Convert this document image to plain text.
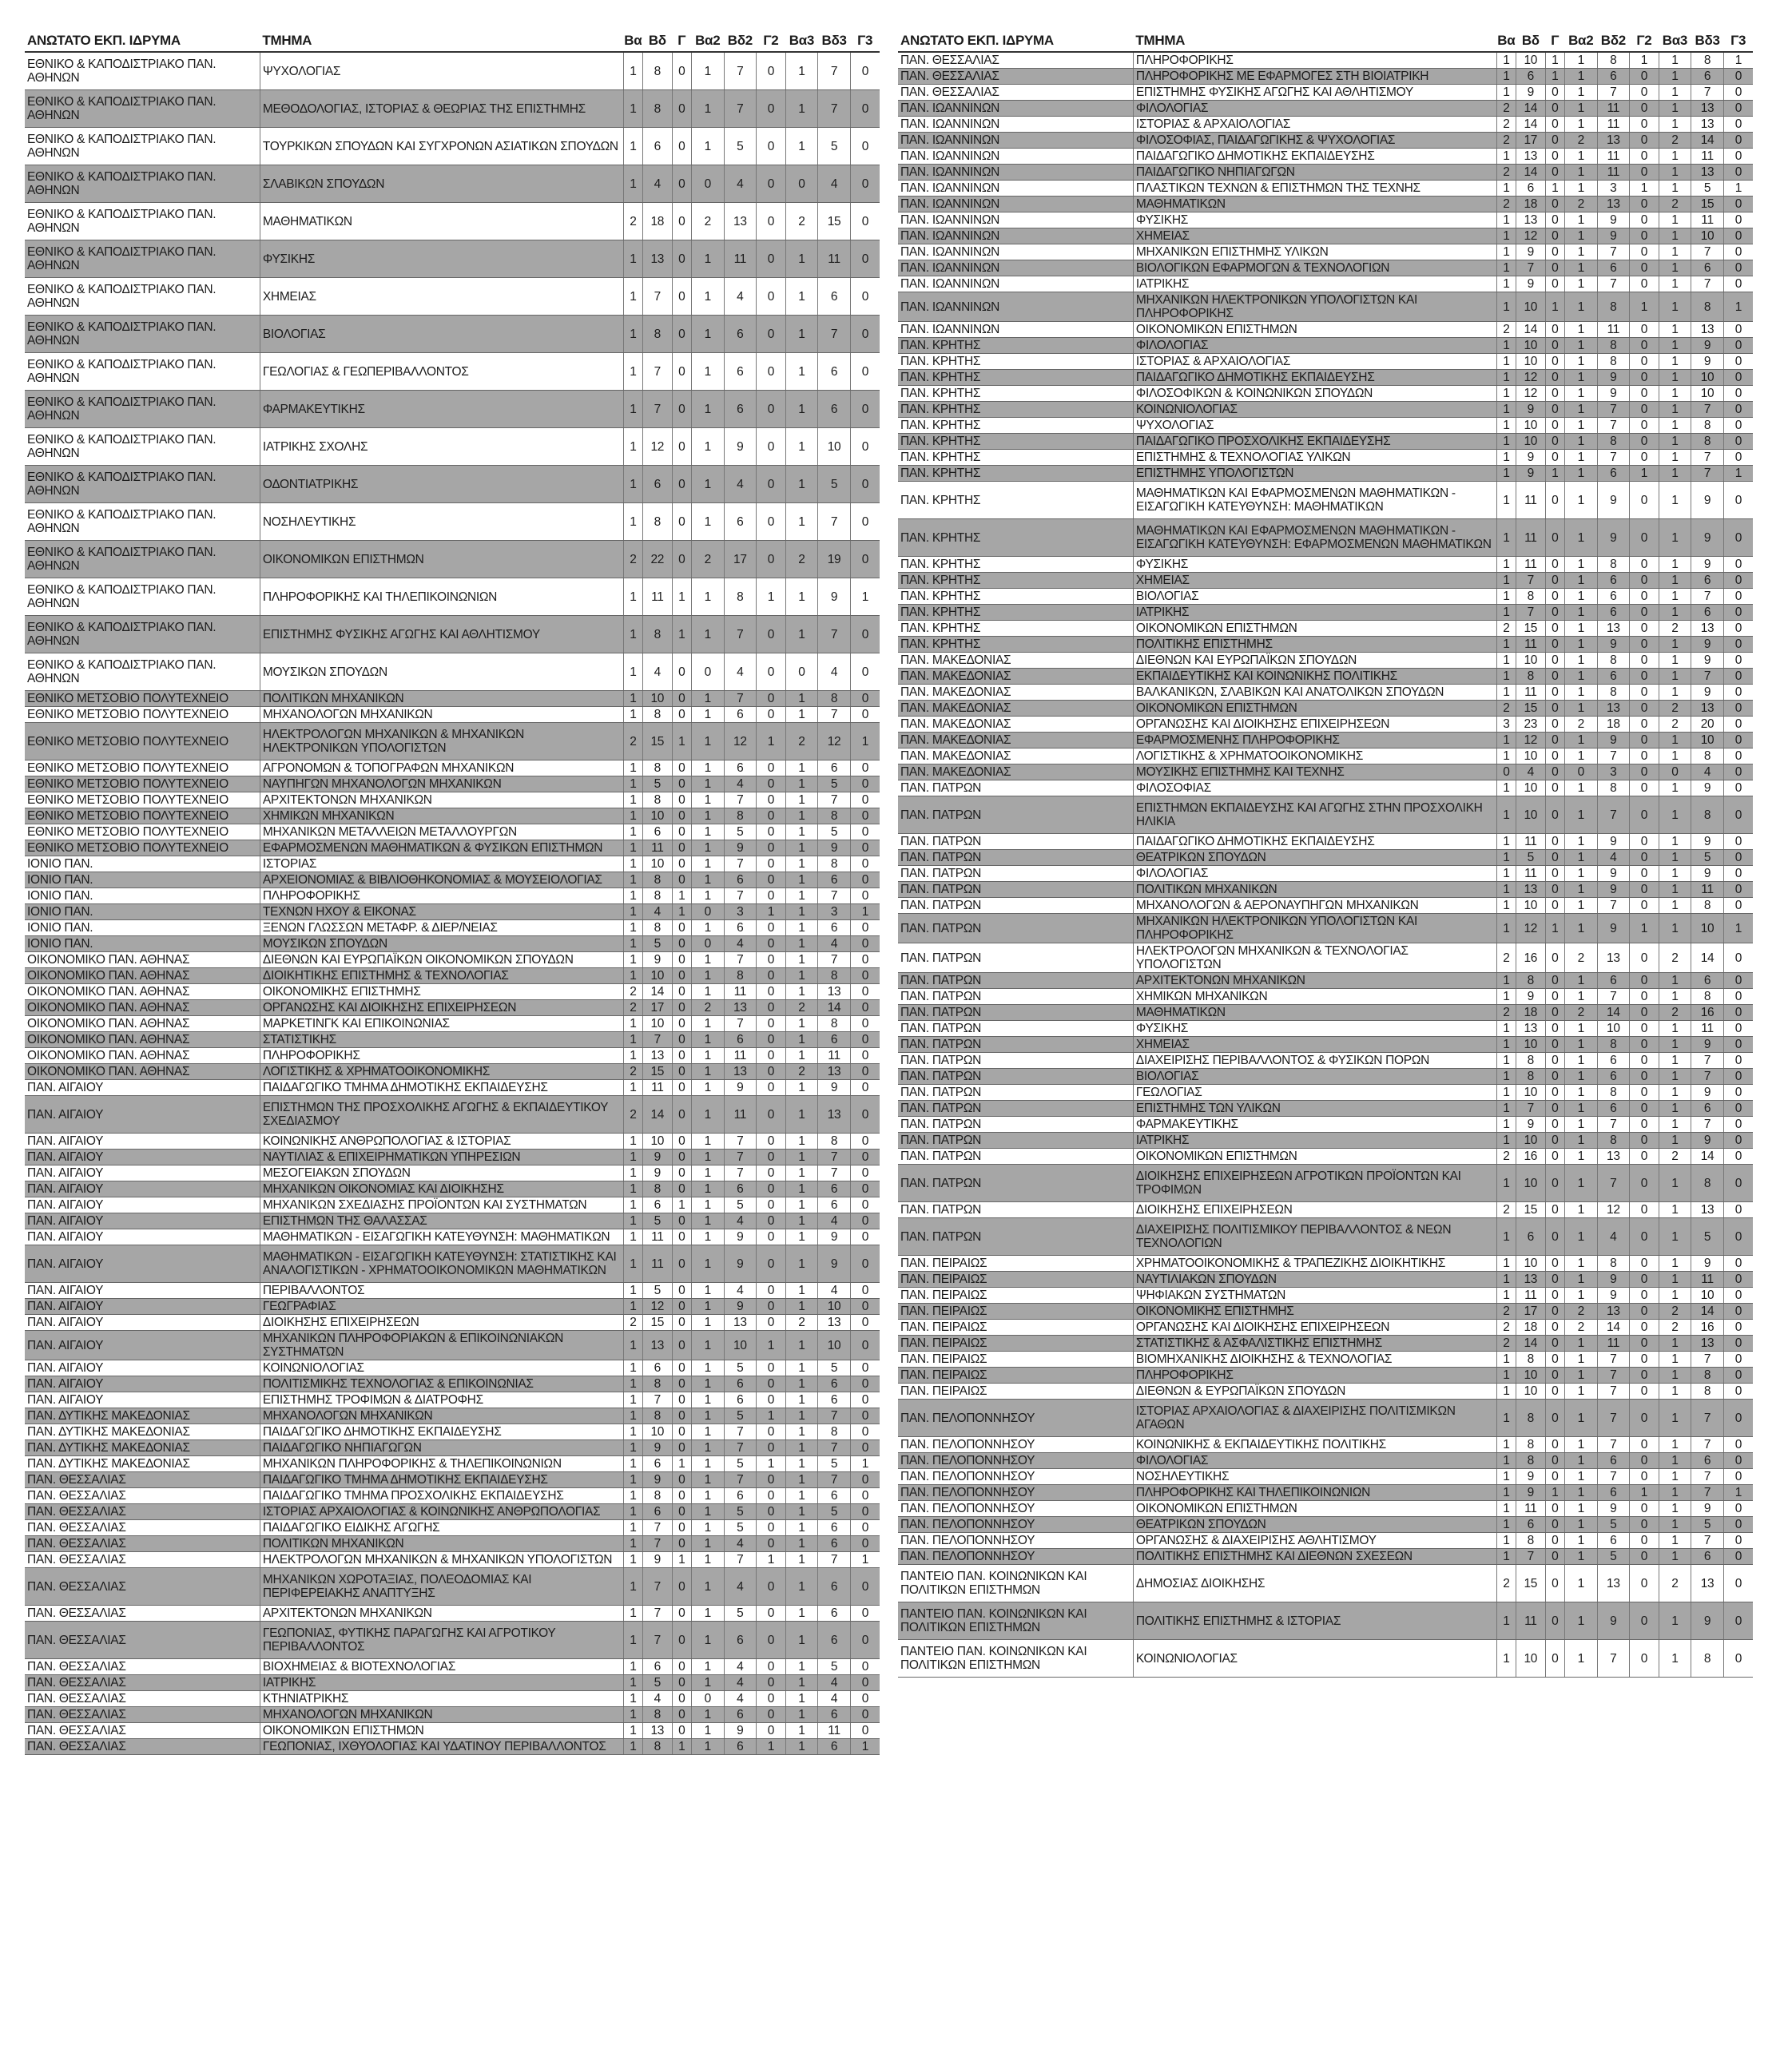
ΑΝΩΤΑΤΟ ΕΚΠ. ΙΔΡΥΜΑ	ΤΜΗΜΑ	Βα	Βδ	Γ	Βα2	Βδ2	Γ2	Βα3	Βδ3	Γ3
ΕΘΝΙΚΟ & ΚΑΠΟΔΙΣΤΡΙΑΚΟ ΠΑΝ. ΑΘΗΝΩΝ	ΨΥΧΟΛΟΓΙΑΣ	1	8	0	1	7	0	1	7	0
ΕΘΝΙΚΟ & ΚΑΠΟΔΙΣΤΡΙΑΚΟ ΠΑΝ. ΑΘΗΝΩΝ	ΜΕΘΟΔΟΛΟΓΙΑΣ, ΙΣΤΟΡΙΑΣ & ΘΕΩΡΙΑΣ ΤΗΣ ΕΠΙΣΤΗΜΗΣ	1	8	0	1	7	0	1	7	0
ΕΘΝΙΚΟ & ΚΑΠΟΔΙΣΤΡΙΑΚΟ ΠΑΝ. ΑΘΗΝΩΝ	ΤΟΥΡΚΙΚΩΝ ΣΠΟΥΔΩΝ ΚΑΙ ΣΥΓΧΡΟΝΩΝ ΑΣΙΑΤΙΚΩΝ ΣΠΟΥΔΩΝ	1	6	0	1	5	0	1	5	0
ΕΘΝΙΚΟ & ΚΑΠΟΔΙΣΤΡΙΑΚΟ ΠΑΝ. ΑΘΗΝΩΝ	ΣΛΑΒΙΚΩΝ ΣΠΟΥΔΩΝ	1	4	0	0	4	0	0	4	0
ΕΘΝΙΚΟ & ΚΑΠΟΔΙΣΤΡΙΑΚΟ ΠΑΝ. ΑΘΗΝΩΝ	ΜΑΘΗΜΑΤΙΚΩΝ	2	18	0	2	13	0	2	15	0
ΕΘΝΙΚΟ & ΚΑΠΟΔΙΣΤΡΙΑΚΟ ΠΑΝ. ΑΘΗΝΩΝ	ΦΥΣΙΚΗΣ	1	13	0	1	11	0	1	11	0
ΕΘΝΙΚΟ & ΚΑΠΟΔΙΣΤΡΙΑΚΟ ΠΑΝ. ΑΘΗΝΩΝ	ΧΗΜΕΙΑΣ	1	7	0	1	4	0	1	6	0
ΕΘΝΙΚΟ & ΚΑΠΟΔΙΣΤΡΙΑΚΟ ΠΑΝ. ΑΘΗΝΩΝ	ΒΙΟΛΟΓΙΑΣ	1	8	0	1	6	0	1	7	0
ΕΘΝΙΚΟ & ΚΑΠΟΔΙΣΤΡΙΑΚΟ ΠΑΝ. ΑΘΗΝΩΝ	ΓΕΩΛΟΓΙΑΣ & ΓΕΩΠΕΡΙΒΑΛΛΟΝΤΟΣ	1	7	0	1	6	0	1	6	0
ΕΘΝΙΚΟ & ΚΑΠΟΔΙΣΤΡΙΑΚΟ ΠΑΝ. ΑΘΗΝΩΝ	ΦΑΡΜΑΚΕΥΤΙΚΗΣ	1	7	0	1	6	0	1	6	0
ΕΘΝΙΚΟ & ΚΑΠΟΔΙΣΤΡΙΑΚΟ ΠΑΝ. ΑΘΗΝΩΝ	ΙΑΤΡΙΚΗΣ ΣΧΟΛΗΣ	1	12	0	1	9	0	1	10	0
ΕΘΝΙΚΟ & ΚΑΠΟΔΙΣΤΡΙΑΚΟ ΠΑΝ. ΑΘΗΝΩΝ	ΟΔΟΝΤΙΑΤΡΙΚΗΣ	1	6	0	1	4	0	1	5	0
ΕΘΝΙΚΟ & ΚΑΠΟΔΙΣΤΡΙΑΚΟ ΠΑΝ. ΑΘΗΝΩΝ	ΝΟΣΗΛΕΥΤΙΚΗΣ	1	8	0	1	6	0	1	7	0
ΕΘΝΙΚΟ & ΚΑΠΟΔΙΣΤΡΙΑΚΟ ΠΑΝ. ΑΘΗΝΩΝ	ΟΙΚΟΝΟΜΙΚΩΝ ΕΠΙΣΤΗΜΩΝ	2	22	0	2	17	0	2	19	0
ΕΘΝΙΚΟ & ΚΑΠΟΔΙΣΤΡΙΑΚΟ ΠΑΝ. ΑΘΗΝΩΝ	ΠΛΗΡΟΦΟΡΙΚΗΣ ΚΑΙ ΤΗΛΕΠΙΚΟΙΝΩΝΙΩΝ	1	11	1	1	8	1	1	9	1
ΕΘΝΙΚΟ & ΚΑΠΟΔΙΣΤΡΙΑΚΟ ΠΑΝ. ΑΘΗΝΩΝ	ΕΠΙΣΤΗΜΗΣ ΦΥΣΙΚΗΣ ΑΓΩΓΗΣ ΚΑΙ ΑΘΛΗΤΙΣΜΟΥ	1	8	1	1	7	0	1	7	0
ΕΘΝΙΚΟ & ΚΑΠΟΔΙΣΤΡΙΑΚΟ ΠΑΝ. ΑΘΗΝΩΝ	ΜΟΥΣΙΚΩΝ ΣΠΟΥΔΩΝ	1	4	0	0	4	0	0	4	0
ΕΘΝΙΚΟ ΜΕΤΣΟΒΙΟ ΠΟΛΥΤΕΧΝΕΙΟ	ΠΟΛΙΤΙΚΩΝ ΜΗΧΑΝΙΚΩΝ	1	10	0	1	7	0	1	8	0
ΕΘΝΙΚΟ ΜΕΤΣΟΒΙΟ ΠΟΛΥΤΕΧΝΕΙΟ	ΜΗΧΑΝΟΛΟΓΩΝ ΜΗΧΑΝΙΚΩΝ	1	8	0	1	6	0	1	7	0
ΕΘΝΙΚΟ ΜΕΤΣΟΒΙΟ ΠΟΛΥΤΕΧΝΕΙΟ	ΗΛΕΚΤΡΟΛΟΓΩΝ ΜΗΧΑΝΙΚΩΝ & ΜΗΧΑΝΙΚΩΝ ΗΛΕΚΤΡΟΝΙΚΩΝ ΥΠΟΛΟΓΙΣΤΩΝ	2	15	1	1	12	1	2	12	1
ΕΘΝΙΚΟ ΜΕΤΣΟΒΙΟ ΠΟΛΥΤΕΧΝΕΙΟ	ΑΓΡΟΝΟΜΩΝ & ΤΟΠΟΓΡΑΦΩΝ ΜΗΧΑΝΙΚΩΝ	1	8	0	1	6	0	1	6	0
ΕΘΝΙΚΟ ΜΕΤΣΟΒΙΟ ΠΟΛΥΤΕΧΝΕΙΟ	ΝΑΥΠΗΓΩΝ ΜΗΧΑΝΟΛΟΓΩΝ ΜΗΧΑΝΙΚΩΝ	1	5	0	1	4	0	1	5	0
ΕΘΝΙΚΟ ΜΕΤΣΟΒΙΟ ΠΟΛΥΤΕΧΝΕΙΟ	ΑΡΧΙΤΕΚΤΟΝΩΝ ΜΗΧΑΝΙΚΩΝ	1	8	0	1	7	0	1	7	0
ΕΘΝΙΚΟ ΜΕΤΣΟΒΙΟ ΠΟΛΥΤΕΧΝΕΙΟ	ΧΗΜΙΚΩΝ ΜΗΧΑΝΙΚΩΝ	1	10	0	1	8	0	1	8	0
ΕΘΝΙΚΟ ΜΕΤΣΟΒΙΟ ΠΟΛΥΤΕΧΝΕΙΟ	ΜΗΧΑΝΙΚΩΝ ΜΕΤΑΛΛΕΙΩΝ ΜΕΤΑΛΛΟΥΡΓΩΝ	1	6	0	1	5	0	1	5	0
ΕΘΝΙΚΟ ΜΕΤΣΟΒΙΟ ΠΟΛΥΤΕΧΝΕΙΟ	ΕΦΑΡΜΟΣΜΕΝΩΝ ΜΑΘΗΜΑΤΙΚΩΝ & ΦΥΣΙΚΩΝ ΕΠΙΣΤΗΜΩΝ	1	11	0	1	9	0	1	9	0
ΙΟΝΙΟ ΠΑΝ.	ΙΣΤΟΡΙΑΣ	1	10	0	1	7	0	1	8	0
ΙΟΝΙΟ ΠΑΝ.	ΑΡΧΕΙΟΝΟΜΙΑΣ & ΒΙΒΛΙΟΘΗΚΟΝΟΜΙΑΣ & ΜΟΥΣΕΙΟΛΟΓΙΑΣ	1	8	0	1	6	0	1	6	0
ΙΟΝΙΟ ΠΑΝ.	ΠΛΗΡΟΦΟΡΙΚΗΣ	1	8	1	1	7	0	1	7	0
ΙΟΝΙΟ ΠΑΝ.	ΤΕΧΝΩΝ ΗΧΟΥ & ΕΙΚΟΝΑΣ	1	4	1	0	3	1	1	3	1
ΙΟΝΙΟ ΠΑΝ.	ΞΕΝΩΝ ΓΛΩΣΣΩΝ ΜΕΤΑΦΡ. & ΔΙΕΡ/ΝΕΙΑΣ	1	8	0	1	6	0	1	6	0
ΙΟΝΙΟ ΠΑΝ.	ΜΟΥΣΙΚΩΝ ΣΠΟΥΔΩΝ	1	5	0	0	4	0	1	4	0
ΟΙΚΟΝΟΜΙΚΟ ΠΑΝ. ΑΘΗΝΑΣ	ΔΙΕΘΝΩΝ ΚΑΙ ΕΥΡΩΠΑΪΚΩΝ ΟΙΚΟΝΟΜΙΚΩΝ ΣΠΟΥΔΩΝ	1	9	0	1	7	0	1	7	0
ΟΙΚΟΝΟΜΙΚΟ ΠΑΝ. ΑΘΗΝΑΣ	ΔΙΟΙΚΗΤΙΚΗΣ ΕΠΙΣΤΗΜΗΣ & ΤΕΧΝΟΛΟΓΙΑΣ	1	10	0	1	8	0	1	8	0
ΟΙΚΟΝΟΜΙΚΟ ΠΑΝ. ΑΘΗΝΑΣ	ΟΙΚΟΝΟΜΙΚΗΣ ΕΠΙΣΤΗΜΗΣ	2	14	0	1	11	0	1	13	0
ΟΙΚΟΝΟΜΙΚΟ ΠΑΝ. ΑΘΗΝΑΣ	ΟΡΓΑΝΩΣΗΣ ΚΑΙ ΔΙΟΙΚΗΣΗΣ ΕΠΙΧΕΙΡΗΣΕΩΝ	2	17	0	2	13	0	2	14	0
ΟΙΚΟΝΟΜΙΚΟ ΠΑΝ. ΑΘΗΝΑΣ	ΜΑΡΚΕΤΙΝΓΚ ΚΑΙ ΕΠΙΚΟΙΝΩΝΙΑΣ	1	10	0	1	7	0	1	8	0
ΟΙΚΟΝΟΜΙΚΟ ΠΑΝ. ΑΘΗΝΑΣ	ΣΤΑΤΙΣΤΙΚΗΣ	1	7	0	1	6	0	1	6	0
ΟΙΚΟΝΟΜΙΚΟ ΠΑΝ. ΑΘΗΝΑΣ	ΠΛΗΡΟΦΟΡΙΚΗΣ	1	13	0	1	11	0	1	11	0
ΟΙΚΟΝΟΜΙΚΟ ΠΑΝ. ΑΘΗΝΑΣ	ΛΟΓΙΣΤΙΚΗΣ & ΧΡΗΜΑΤΟΟΙΚΟΝΟΜΙΚΗΣ	2	15	0	1	13	0	2	13	0
ΠΑΝ. ΑΙΓΑΙΟΥ	ΠΑΙΔΑΓΩΓΙΚΟ ΤΜΗΜΑ ΔΗΜΟΤΙΚΗΣ ΕΚΠΑΙΔΕΥΣΗΣ	1	11	0	1	9	0	1	9	0
ΠΑΝ. ΑΙΓΑΙΟΥ	ΕΠΙΣΤΗΜΩΝ ΤΗΣ ΠΡΟΣΧΟΛΙΚΗΣ ΑΓΩΓΗΣ & ΕΚΠΑΙΔΕΥΤΙΚΟΥ ΣΧΕΔΙΑΣΜΟΥ	2	14	0	1	11	0	1	13	0
ΠΑΝ. ΑΙΓΑΙΟΥ	ΚΟΙΝΩΝΙΚΗΣ ΑΝΘΡΩΠΟΛΟΓΙΑΣ & ΙΣΤΟΡΙΑΣ	1	10	0	1	7	0	1	8	0
ΠΑΝ. ΑΙΓΑΙΟΥ	ΝΑΥΤΙΛΙΑΣ & ΕΠΙΧΕΙΡΗΜΑΤΙΚΩΝ ΥΠΗΡΕΣΙΩΝ	1	9	0	1	7	0	1	7	0
ΠΑΝ. ΑΙΓΑΙΟΥ	ΜΕΣΟΓΕΙΑΚΩΝ ΣΠΟΥΔΩΝ	1	9	0	1	7	0	1	7	0
ΠΑΝ. ΑΙΓΑΙΟΥ	ΜΗΧΑΝΙΚΩΝ ΟΙΚΟΝΟΜΙΑΣ ΚΑΙ ΔΙΟΙΚΗΣΗΣ	1	8	0	1	6	0	1	6	0
ΠΑΝ. ΑΙΓΑΙΟΥ	ΜΗΧΑΝΙΚΩΝ ΣΧΕΔΙΑΣΗΣ ΠΡΟΪΟΝΤΩΝ ΚΑΙ ΣΥΣΤΗΜΑΤΩΝ	1	6	1	1	5	0	1	6	0
ΠΑΝ. ΑΙΓΑΙΟΥ	ΕΠΙΣΤΗΜΩΝ ΤΗΣ ΘΑΛΑΣΣΑΣ	1	5	0	1	4	0	1	4	0
ΠΑΝ. ΑΙΓΑΙΟΥ	ΜΑΘΗΜΑΤΙΚΩΝ - ΕΙΣΑΓΩΓΙΚΗ ΚΑΤΕΥΘΥΝΣΗ: ΜΑΘΗΜΑΤΙΚΩΝ	1	11	0	1	9	0	1	9	0
ΠΑΝ. ΑΙΓΑΙΟΥ	ΜΑΘΗΜΑΤΙΚΩΝ - ΕΙΣΑΓΩΓΙΚΗ ΚΑΤΕΥΘΥΝΣΗ: ΣΤΑΤΙΣΤΙΚΗΣ ΚΑΙ ΑΝΑΛΟΓΙΣΤΙΚΩΝ - ΧΡΗΜΑΤΟΟΙΚΟΝΟΜΙΚΩΝ ΜΑΘΗΜΑΤΙΚΩΝ	1	11	0	1	9	0	1	9	0
ΠΑΝ. ΑΙΓΑΙΟΥ	ΠΕΡΙΒΑΛΛΟΝΤΟΣ	1	5	0	1	4	0	1	4	0
ΠΑΝ. ΑΙΓΑΙΟΥ	ΓΕΩΓΡΑΦΙΑΣ	1	12	0	1	9	0	1	10	0
ΠΑΝ. ΑΙΓΑΙΟΥ	ΔΙΟΙΚΗΣΗΣ ΕΠΙΧΕΙΡΗΣΕΩΝ	2	15	0	1	13	0	2	13	0
ΠΑΝ. ΑΙΓΑΙΟΥ	ΜΗΧΑΝΙΚΩΝ ΠΛΗΡΟΦΟΡΙΑΚΩΝ & ΕΠΙΚΟΙΝΩΝΙΑΚΩΝ ΣΥΣΤΗΜΑΤΩΝ	1	13	0	1	10	1	1	10	0
ΠΑΝ. ΑΙΓΑΙΟΥ	ΚΟΙΝΩΝΙΟΛΟΓΙΑΣ	1	6	0	1	5	0	1	5	0
ΠΑΝ. ΑΙΓΑΙΟΥ	ΠΟΛΙΤΙΣΜΙΚΗΣ ΤΕΧΝΟΛΟΓΙΑΣ & ΕΠΙΚΟΙΝΩΝΙΑΣ	1	8	0	1	6	0	1	6	0
ΠΑΝ. ΑΙΓΑΙΟΥ	ΕΠΙΣΤΗΜΗΣ ΤΡΟΦΙΜΩΝ & ΔΙΑΤΡΟΦΗΣ	1	7	0	1	6	0	1	6	0
ΠΑΝ. ΔΥΤΙΚΗΣ ΜΑΚΕΔΟΝΙΑΣ	ΜΗΧΑΝΟΛΟΓΩΝ ΜΗΧΑΝΙΚΩΝ	1	8	0	1	5	1	1	7	0
ΠΑΝ. ΔΥΤΙΚΗΣ ΜΑΚΕΔΟΝΙΑΣ	ΠΑΙΔΑΓΩΓΙΚΟ ΔΗΜΟΤΙΚΗΣ ΕΚΠΑΙΔΕΥΣΗΣ	1	10	0	1	7	0	1	8	0
ΠΑΝ. ΔΥΤΙΚΗΣ ΜΑΚΕΔΟΝΙΑΣ	ΠΑΙΔΑΓΩΓΙΚΟ ΝΗΠΙΑΓΩΓΩΝ	1	9	0	1	7	0	1	7	0
ΠΑΝ. ΔΥΤΙΚΗΣ ΜΑΚΕΔΟΝΙΑΣ	ΜΗΧΑΝΙΚΩΝ ΠΛΗΡΟΦΟΡΙΚΗΣ & ΤΗΛΕΠΙΚΟΙΝΩΝΙΩΝ	1	6	1	1	5	1	1	5	1
ΠΑΝ. ΘΕΣΣΑΛΙΑΣ	ΠΑΙΔΑΓΩΓΙΚΟ ΤΜΗΜΑ ΔΗΜΟΤΙΚΗΣ ΕΚΠΑΙΔΕΥΣΗΣ	1	9	0	1	7	0	1	7	0
ΠΑΝ. ΘΕΣΣΑΛΙΑΣ	ΠΑΙΔΑΓΩΓΙΚΟ ΤΜΗΜΑ ΠΡΟΣΧΟΛΙΚΗΣ ΕΚΠΑΙΔΕΥΣΗΣ	1	8	0	1	6	0	1	6	0
ΠΑΝ. ΘΕΣΣΑΛΙΑΣ	ΙΣΤΟΡΙΑΣ ΑΡΧΑΙΟΛΟΓΙΑΣ & ΚΟΙΝΩΝΙΚΗΣ ΑΝΘΡΩΠΟΛΟΓΙΑΣ	1	6	0	1	5	0	1	5	0
ΠΑΝ. ΘΕΣΣΑΛΙΑΣ	ΠΑΙΔΑΓΩΓΙΚΟ ΕΙΔΙΚΗΣ ΑΓΩΓΗΣ	1	7	0	1	5	0	1	6	0
ΠΑΝ. ΘΕΣΣΑΛΙΑΣ	ΠΟΛΙΤΙΚΩΝ ΜΗΧΑΝΙΚΩΝ	1	7	0	1	4	0	1	6	0
ΠΑΝ. ΘΕΣΣΑΛΙΑΣ	ΗΛΕΚΤΡΟΛΟΓΩΝ ΜΗΧΑΝΙΚΩΝ & ΜΗΧΑΝΙΚΩΝ ΥΠΟΛΟΓΙΣΤΩΝ	1	9	1	1	7	1	1	7	1
ΠΑΝ. ΘΕΣΣΑΛΙΑΣ	ΜΗΧΑΝΙΚΩΝ ΧΩΡΟΤΑΞΙΑΣ, ΠΟΛΕΟΔΟΜΙΑΣ ΚΑΙ ΠΕΡΙΦΕΡΕΙΑΚΗΣ ΑΝΑΠΤΥΞΗΣ	1	7	0	1	4	0	1	6	0
ΠΑΝ. ΘΕΣΣΑΛΙΑΣ	ΑΡΧΙΤΕΚΤΟΝΩΝ ΜΗΧΑΝΙΚΩΝ	1	7	0	1	5	0	1	6	0
ΠΑΝ. ΘΕΣΣΑΛΙΑΣ	ΓΕΩΠΟΝΙΑΣ, ΦΥΤΙΚΗΣ ΠΑΡΑΓΩΓΗΣ ΚΑΙ ΑΓΡΟΤΙΚΟΥ ΠΕΡΙΒΑΛΛΟΝΤΟΣ	1	7	0	1	6	0	1	6	0
ΠΑΝ. ΘΕΣΣΑΛΙΑΣ	ΒΙΟΧΗΜΕΙΑΣ & ΒΙΟΤΕΧΝΟΛΟΓΙΑΣ	1	6	0	1	4	0	1	5	0
ΠΑΝ. ΘΕΣΣΑΛΙΑΣ	ΙΑΤΡΙΚΗΣ	1	5	0	1	4	0	1	4	0
ΠΑΝ. ΘΕΣΣΑΛΙΑΣ	ΚΤΗΝΙΑΤΡΙΚΗΣ	1	4	0	0	4	0	1	4	0
ΠΑΝ. ΘΕΣΣΑΛΙΑΣ	ΜΗΧΑΝΟΛΟΓΩΝ ΜΗΧΑΝΙΚΩΝ	1	8	0	1	6	0	1	6	0
ΠΑΝ. ΘΕΣΣΑΛΙΑΣ	ΟΙΚΟΝΟΜΙΚΩΝ ΕΠΙΣΤΗΜΩΝ	1	13	0	1	9	0	1	11	0
ΠΑΝ. ΘΕΣΣΑΛΙΑΣ	ΓΕΩΠΟΝΙΑΣ, ΙΧΘΥΟΛΟΓΙΑΣ ΚΑΙ ΥΔΑΤΙΝΟΥ ΠΕΡΙΒΑΛΛΟΝΤΟΣ	1	8	1	1	6	1	1	6	1
ΑΝΩΤΑΤΟ ΕΚΠ. ΙΔΡΥΜΑ	ΤΜΗΜΑ	Βα	Βδ	Γ	Βα2	Βδ2	Γ2	Βα3	Βδ3	Γ3
ΠΑΝ. ΘΕΣΣΑΛΙΑΣ	ΠΛΗΡΟΦΟΡΙΚΗΣ	1	10	1	1	8	1	1	8	1
ΠΑΝ. ΘΕΣΣΑΛΙΑΣ	ΠΛΗΡΟΦΟΡΙΚΗΣ ΜΕ ΕΦΑΡΜΟΓΕΣ ΣΤΗ ΒΙΟΙΑΤΡΙΚΗ	1	6	1	1	6	0	1	6	0
ΠΑΝ. ΘΕΣΣΑΛΙΑΣ	ΕΠΙΣΤΗΜΗΣ ΦΥΣΙΚΗΣ ΑΓΩΓΗΣ ΚΑΙ ΑΘΛΗΤΙΣΜΟΥ	1	9	0	1	7	0	1	7	0
ΠΑΝ. ΙΩΑΝΝΙΝΩΝ	ΦΙΛΟΛΟΓΙΑΣ	2	14	0	1	11	0	1	13	0
ΠΑΝ. ΙΩΑΝΝΙΝΩΝ	ΙΣΤΟΡΙΑΣ & ΑΡΧΑΙΟΛΟΓΙΑΣ	2	14	0	1	11	0	1	13	0
ΠΑΝ. ΙΩΑΝΝΙΝΩΝ	ΦΙΛΟΣΟΦΙΑΣ, ΠΑΙΔΑΓΩΓΙΚΗΣ & ΨΥΧΟΛΟΓΙΑΣ	2	17	0	2	13	0	2	14	0
ΠΑΝ. ΙΩΑΝΝΙΝΩΝ	ΠΑΙΔΑΓΩΓΙΚΟ ΔΗΜΟΤΙΚΗΣ ΕΚΠΑΙΔΕΥΣΗΣ	1	13	0	1	11	0	1	11	0
ΠΑΝ. ΙΩΑΝΝΙΝΩΝ	ΠΑΙΔΑΓΩΓΙΚΟ ΝΗΠΙΑΓΩΓΩΝ	2	14	0	1	11	0	1	13	0
ΠΑΝ. ΙΩΑΝΝΙΝΩΝ	ΠΛΑΣΤΙΚΩΝ ΤΕΧΝΩΝ & ΕΠΙΣΤΗΜΩΝ ΤΗΣ ΤΕΧΝΗΣ	1	6	1	1	3	1	1	5	1
ΠΑΝ. ΙΩΑΝΝΙΝΩΝ	ΜΑΘΗΜΑΤΙΚΩΝ	2	18	0	2	13	0	2	15	0
ΠΑΝ. ΙΩΑΝΝΙΝΩΝ	ΦΥΣΙΚΗΣ	1	13	0	1	9	0	1	11	0
ΠΑΝ. ΙΩΑΝΝΙΝΩΝ	ΧΗΜΕΙΑΣ	1	12	0	1	9	0	1	10	0
ΠΑΝ. ΙΩΑΝΝΙΝΩΝ	ΜΗΧΑΝΙΚΩΝ ΕΠΙΣΤΗΜΗΣ ΥΛΙΚΩΝ	1	9	0	1	7	0	1	7	0
ΠΑΝ. ΙΩΑΝΝΙΝΩΝ	ΒΙΟΛΟΓΙΚΩΝ ΕΦΑΡΜΟΓΩΝ & ΤΕΧΝΟΛΟΓΙΩΝ	1	7	0	1	6	0	1	6	0
ΠΑΝ. ΙΩΑΝΝΙΝΩΝ	ΙΑΤΡΙΚΗΣ	1	9	0	1	7	0	1	7	0
ΠΑΝ. ΙΩΑΝΝΙΝΩΝ	ΜΗΧΑΝΙΚΩΝ ΗΛΕΚΤΡΟΝΙΚΩΝ ΥΠΟΛΟΓΙΣΤΩΝ ΚΑΙ ΠΛΗΡΟΦΟΡΙΚΗΣ	1	10	1	1	8	1	1	8	1
ΠΑΝ. ΙΩΑΝΝΙΝΩΝ	ΟΙΚΟΝΟΜΙΚΩΝ ΕΠΙΣΤΗΜΩΝ	2	14	0	1	11	0	1	13	0
ΠΑΝ. ΚΡΗΤΗΣ	ΦΙΛΟΛΟΓΙΑΣ	1	10	0	1	8	0	1	9	0
ΠΑΝ. ΚΡΗΤΗΣ	ΙΣΤΟΡΙΑΣ & ΑΡΧΑΙΟΛΟΓΙΑΣ	1	10	0	1	8	0	1	9	0
ΠΑΝ. ΚΡΗΤΗΣ	ΠΑΙΔΑΓΩΓΙΚΟ ΔΗΜΟΤΙΚΗΣ ΕΚΠΑΙΔΕΥΣΗΣ	1	12	0	1	9	0	1	10	0
ΠΑΝ. ΚΡΗΤΗΣ	ΦΙΛΟΣΟΦΙΚΩΝ & ΚΟΙΝΩΝΙΚΩΝ ΣΠΟΥΔΩΝ	1	12	0	1	9	0	1	10	0
ΠΑΝ. ΚΡΗΤΗΣ	ΚΟΙΝΩΝΙΟΛΟΓΙΑΣ	1	9	0	1	7	0	1	7	0
ΠΑΝ. ΚΡΗΤΗΣ	ΨΥΧΟΛΟΓΙΑΣ	1	10	0	1	7	0	1	8	0
ΠΑΝ. ΚΡΗΤΗΣ	ΠΑΙΔΑΓΩΓΙΚΟ ΠΡΟΣΧΟΛΙΚΗΣ ΕΚΠΑΙΔΕΥΣΗΣ	1	10	0	1	8	0	1	8	0
ΠΑΝ. ΚΡΗΤΗΣ	ΕΠΙΣΤΗΜΗΣ & ΤΕΧΝΟΛΟΓΙΑΣ ΥΛΙΚΩΝ	1	9	0	1	7	0	1	7	0
ΠΑΝ. ΚΡΗΤΗΣ	ΕΠΙΣΤΗΜΗΣ ΥΠΟΛΟΓΙΣΤΩΝ	1	9	1	1	6	1	1	7	1
ΠΑΝ. ΚΡΗΤΗΣ	ΜΑΘΗΜΑΤΙΚΩΝ ΚΑΙ ΕΦΑΡΜΟΣΜΕΝΩΝ ΜΑΘΗΜΑΤΙΚΩΝ - ΕΙΣΑΓΩΓΙΚΗ ΚΑΤΕΥΘΥΝΣΗ: ΜΑΘΗΜΑΤΙΚΩΝ	1	11	0	1	9	0	1	9	0
ΠΑΝ. ΚΡΗΤΗΣ	ΜΑΘΗΜΑΤΙΚΩΝ ΚΑΙ ΕΦΑΡΜΟΣΜΕΝΩΝ ΜΑΘΗΜΑΤΙΚΩΝ - ΕΙΣΑΓΩΓΙΚΗ ΚΑΤΕΥΘΥΝΣΗ: ΕΦΑΡΜΟΣΜΕΝΩΝ ΜΑΘΗΜΑΤΙΚΩΝ	1	11	0	1	9	0	1	9	0
ΠΑΝ. ΚΡΗΤΗΣ	ΦΥΣΙΚΗΣ	1	11	0	1	8	0	1	9	0
ΠΑΝ. ΚΡΗΤΗΣ	ΧΗΜΕΙΑΣ	1	7	0	1	6	0	1	6	0
ΠΑΝ. ΚΡΗΤΗΣ	ΒΙΟΛΟΓΙΑΣ	1	8	0	1	6	0	1	7	0
ΠΑΝ. ΚΡΗΤΗΣ	ΙΑΤΡΙΚΗΣ	1	7	0	1	6	0	1	6	0
ΠΑΝ. ΚΡΗΤΗΣ	ΟΙΚΟΝΟΜΙΚΩΝ ΕΠΙΣΤΗΜΩΝ	2	15	0	1	13	0	2	13	0
ΠΑΝ. ΚΡΗΤΗΣ	ΠΟΛΙΤΙΚΗΣ ΕΠΙΣΤΗΜΗΣ	1	11	0	1	9	0	1	9	0
ΠΑΝ. ΜΑΚΕΔΟΝΙΑΣ	ΔΙΕΘΝΩΝ ΚΑΙ ΕΥΡΩΠΑΪΚΩΝ ΣΠΟΥΔΩΝ	1	10	0	1	8	0	1	9	0
ΠΑΝ. ΜΑΚΕΔΟΝΙΑΣ	ΕΚΠΑΙΔΕΥΤΙΚΗΣ ΚΑΙ ΚΟΙΝΩΝΙΚΗΣ ΠΟΛΙΤΙΚΗΣ	1	8	0	1	6	0	1	7	0
ΠΑΝ. ΜΑΚΕΔΟΝΙΑΣ	ΒΑΛΚΑΝΙΚΩΝ, ΣΛΑΒΙΚΩΝ ΚΑΙ ΑΝΑΤΟΛΙΚΩΝ ΣΠΟΥΔΩΝ	1	11	0	1	8	0	1	9	0
ΠΑΝ. ΜΑΚΕΔΟΝΙΑΣ	ΟΙΚΟΝΟΜΙΚΩΝ ΕΠΙΣΤΗΜΩΝ	2	15	0	1	13	0	2	13	0
ΠΑΝ. ΜΑΚΕΔΟΝΙΑΣ	ΟΡΓΑΝΩΣΗΣ ΚΑΙ ΔΙΟΙΚΗΣΗΣ ΕΠΙΧΕΙΡΗΣΕΩΝ	3	23	0	2	18	0	2	20	0
ΠΑΝ. ΜΑΚΕΔΟΝΙΑΣ	ΕΦΑΡΜΟΣΜΕΝΗΣ ΠΛΗΡΟΦΟΡΙΚΗΣ	1	12	0	1	9	0	1	10	0
ΠΑΝ. ΜΑΚΕΔΟΝΙΑΣ	ΛΟΓΙΣΤΙΚΗΣ & ΧΡΗΜΑΤΟΟΙΚΟΝΟΜΙΚΗΣ	1	10	0	1	7	0	1	8	0
ΠΑΝ. ΜΑΚΕΔΟΝΙΑΣ	ΜΟΥΣΙΚΗΣ ΕΠΙΣΤΗΜΗΣ ΚΑΙ ΤΕΧΝΗΣ	0	4	0	0	3	0	0	4	0
ΠΑΝ. ΠΑΤΡΩΝ	ΦΙΛΟΣΟΦΙΑΣ	1	10	0	1	8	0	1	9	0
ΠΑΝ. ΠΑΤΡΩΝ	ΕΠΙΣΤΗΜΩΝ ΕΚΠΑΙΔΕΥΣΗΣ ΚΑΙ ΑΓΩΓΗΣ ΣΤΗΝ ΠΡΟΣΧΟΛΙΚΗ ΗΛΙΚΙΑ	1	10	0	1	7	0	1	8	0
ΠΑΝ. ΠΑΤΡΩΝ	ΠΑΙΔΑΓΩΓΙΚΟ ΔΗΜΟΤΙΚΗΣ ΕΚΠΑΙΔΕΥΣΗΣ	1	11	0	1	9	0	1	9	0
ΠΑΝ. ΠΑΤΡΩΝ	ΘΕΑΤΡΙΚΩΝ ΣΠΟΥΔΩΝ	1	5	0	1	4	0	1	5	0
ΠΑΝ. ΠΑΤΡΩΝ	ΦΙΛΟΛΟΓΙΑΣ	1	11	0	1	9	0	1	9	0
ΠΑΝ. ΠΑΤΡΩΝ	ΠΟΛΙΤΙΚΩΝ ΜΗΧΑΝΙΚΩΝ	1	13	0	1	9	0	1	11	0
ΠΑΝ. ΠΑΤΡΩΝ	ΜΗΧΑΝΟΛΟΓΩΝ & ΑΕΡΟΝΑΥΠΗΓΩΝ ΜΗΧΑΝΙΚΩΝ	1	10	0	1	7	0	1	8	0
ΠΑΝ. ΠΑΤΡΩΝ	ΜΗΧΑΝΙΚΩΝ ΗΛΕΚΤΡΟΝΙΚΩΝ ΥΠΟΛΟΓΙΣΤΩΝ ΚΑΙ ΠΛΗΡΟΦΟΡΙΚΗΣ	1	12	1	1	9	1	1	10	1
ΠΑΝ. ΠΑΤΡΩΝ	ΗΛΕΚΤΡΟΛΟΓΩΝ ΜΗΧΑΝΙΚΩΝ & ΤΕΧΝΟΛΟΓΙΑΣ ΥΠΟΛΟΓΙΣΤΩΝ	2	16	0	2	13	0	2	14	0
ΠΑΝ. ΠΑΤΡΩΝ	ΑΡΧΙΤΕΚΤΟΝΩΝ ΜΗΧΑΝΙΚΩΝ	1	8	0	1	6	0	1	6	0
ΠΑΝ. ΠΑΤΡΩΝ	ΧΗΜΙΚΩΝ ΜΗΧΑΝΙΚΩΝ	1	9	0	1	7	0	1	8	0
ΠΑΝ. ΠΑΤΡΩΝ	ΜΑΘΗΜΑΤΙΚΩΝ	2	18	0	2	14	0	2	16	0
ΠΑΝ. ΠΑΤΡΩΝ	ΦΥΣΙΚΗΣ	1	13	0	1	10	0	1	11	0
ΠΑΝ. ΠΑΤΡΩΝ	ΧΗΜΕΙΑΣ	1	10	0	1	8	0	1	9	0
ΠΑΝ. ΠΑΤΡΩΝ	ΔΙΑΧΕΙΡΙΣΗΣ ΠΕΡΙΒΑΛΛΟΝΤΟΣ & ΦΥΣΙΚΩΝ ΠΟΡΩΝ	1	8	0	1	6	0	1	7	0
ΠΑΝ. ΠΑΤΡΩΝ	ΒΙΟΛΟΓΙΑΣ	1	8	0	1	6	0	1	7	0
ΠΑΝ. ΠΑΤΡΩΝ	ΓΕΩΛΟΓΙΑΣ	1	10	0	1	8	0	1	9	0
ΠΑΝ. ΠΑΤΡΩΝ	ΕΠΙΣΤΗΜΗΣ ΤΩΝ ΥΛΙΚΩΝ	1	7	0	1	6	0	1	6	0
ΠΑΝ. ΠΑΤΡΩΝ	ΦΑΡΜΑΚΕΥΤΙΚΗΣ	1	9	0	1	7	0	1	7	0
ΠΑΝ. ΠΑΤΡΩΝ	ΙΑΤΡΙΚΗΣ	1	10	0	1	8	0	1	9	0
ΠΑΝ. ΠΑΤΡΩΝ	ΟΙΚΟΝΟΜΙΚΩΝ ΕΠΙΣΤΗΜΩΝ	2	16	0	1	13	0	2	14	0
ΠΑΝ. ΠΑΤΡΩΝ	ΔΙΟΙΚΗΣΗΣ ΕΠΙΧΕΙΡΗΣΕΩΝ ΑΓΡΟΤΙΚΩΝ ΠΡΟΪΟΝΤΩΝ ΚΑΙ ΤΡΟΦΙΜΩΝ	1	10	0	1	7	0	1	8	0
ΠΑΝ. ΠΑΤΡΩΝ	ΔΙΟΙΚΗΣΗΣ ΕΠΙΧΕΙΡΗΣΕΩΝ	2	15	0	1	12	0	1	13	0
ΠΑΝ. ΠΑΤΡΩΝ	ΔΙΑΧΕΙΡΙΣΗΣ ΠΟΛΙΤΙΣΜΙΚΟΥ ΠΕΡΙΒΑΛΛΟΝΤΟΣ & ΝΕΩΝ ΤΕΧΝΟΛΟΓΙΩΝ	1	6	0	1	4	0	1	5	0
ΠΑΝ. ΠΕΙΡΑΙΩΣ	ΧΡΗΜΑΤΟΟΙΚΟΝΟΜΙΚΗΣ & ΤΡΑΠΕΖΙΚΗΣ ΔΙΟΙΚΗΤΙΚΗΣ	1	10	0	1	8	0	1	9	0
ΠΑΝ. ΠΕΙΡΑΙΩΣ	ΝΑΥΤΙΛΙΑΚΩΝ ΣΠΟΥΔΩΝ	1	13	0	1	9	0	1	11	0
ΠΑΝ. ΠΕΙΡΑΙΩΣ	ΨΗΦΙΑΚΩΝ ΣΥΣΤΗΜΑΤΩΝ	1	11	0	1	9	0	1	10	0
ΠΑΝ. ΠΕΙΡΑΙΩΣ	ΟΙΚΟΝΟΜΙΚΗΣ ΕΠΙΣΤΗΜΗΣ	2	17	0	2	13	0	2	14	0
ΠΑΝ. ΠΕΙΡΑΙΩΣ	ΟΡΓΑΝΩΣΗΣ ΚΑΙ ΔΙΟΙΚΗΣΗΣ ΕΠΙΧΕΙΡΗΣΕΩΝ	2	18	0	2	14	0	2	16	0
ΠΑΝ. ΠΕΙΡΑΙΩΣ	ΣΤΑΤΙΣΤΙΚΗΣ & ΑΣΦΑΛΙΣΤΙΚΗΣ ΕΠΙΣΤΗΜΗΣ	2	14	0	1	11	0	1	13	0
ΠΑΝ. ΠΕΙΡΑΙΩΣ	ΒΙΟΜΗΧΑΝΙΚΗΣ ΔΙΟΙΚΗΣΗΣ & ΤΕΧΝΟΛΟΓΙΑΣ	1	8	0	1	7	0	1	7	0
ΠΑΝ. ΠΕΙΡΑΙΩΣ	ΠΛΗΡΟΦΟΡΙΚΗΣ	1	10	0	1	7	0	1	8	0
ΠΑΝ. ΠΕΙΡΑΙΩΣ	ΔΙΕΘΝΩΝ & ΕΥΡΩΠΑΪΚΩΝ ΣΠΟΥΔΩΝ	1	10	0	1	7	0	1	8	0
ΠΑΝ. ΠΕΛΟΠΟΝΝΗΣΟΥ	ΙΣΤΟΡΙΑΣ ΑΡΧΑΙΟΛΟΓΙΑΣ & ΔΙΑΧΕΙΡΙΣΗΣ ΠΟΛΙΤΙΣΜΙΚΩΝ ΑΓΑΘΩΝ	1	8	0	1	7	0	1	7	0
ΠΑΝ. ΠΕΛΟΠΟΝΝΗΣΟΥ	ΚΟΙΝΩΝΙΚΗΣ & ΕΚΠΑΙΔΕΥΤΙΚΗΣ ΠΟΛΙΤΙΚΗΣ	1	8	0	1	7	0	1	7	0
ΠΑΝ. ΠΕΛΟΠΟΝΝΗΣΟΥ	ΦΙΛΟΛΟΓΙΑΣ	1	8	0	1	6	0	1	6	0
ΠΑΝ. ΠΕΛΟΠΟΝΝΗΣΟΥ	ΝΟΣΗΛΕΥΤΙΚΗΣ	1	9	0	1	7	0	1	7	0
ΠΑΝ. ΠΕΛΟΠΟΝΝΗΣΟΥ	ΠΛΗΡΟΦΟΡΙΚΗΣ ΚΑΙ ΤΗΛΕΠΙΚΟΙΝΩΝΙΩΝ	1	9	1	1	6	1	1	7	1
ΠΑΝ. ΠΕΛΟΠΟΝΝΗΣΟΥ	ΟΙΚΟΝΟΜΙΚΩΝ ΕΠΙΣΤΗΜΩΝ	1	11	0	1	9	0	1	9	0
ΠΑΝ. ΠΕΛΟΠΟΝΝΗΣΟΥ	ΘΕΑΤΡΙΚΩΝ ΣΠΟΥΔΩΝ	1	6	0	1	5	0	1	5	0
ΠΑΝ. ΠΕΛΟΠΟΝΝΗΣΟΥ	ΟΡΓΑΝΩΣΗΣ & ΔΙΑΧΕΙΡΙΣΗΣ ΑΘΛΗΤΙΣΜΟΥ	1	8	0	1	6	0	1	7	0
ΠΑΝ. ΠΕΛΟΠΟΝΝΗΣΟΥ	ΠΟΛΙΤΙΚΗΣ ΕΠΙΣΤΗΜΗΣ ΚΑΙ ΔΙΕΘΝΩΝ ΣΧΕΣΕΩΝ	1	7	0	1	5	0	1	6	0
ΠΑΝΤΕΙΟ ΠΑΝ. ΚΟΙΝΩΝΙΚΩΝ ΚΑΙ ΠΟΛΙΤΙΚΩΝ ΕΠΙΣΤΗΜΩΝ	ΔΗΜΟΣΙΑΣ ΔΙΟΙΚΗΣΗΣ	2	15	0	1	13	0	2	13	0
ΠΑΝΤΕΙΟ ΠΑΝ. ΚΟΙΝΩΝΙΚΩΝ ΚΑΙ ΠΟΛΙΤΙΚΩΝ ΕΠΙΣΤΗΜΩΝ	ΠΟΛΙΤΙΚΗΣ ΕΠΙΣΤΗΜΗΣ & ΙΣΤΟΡΙΑΣ	1	11	0	1	9	0	1	9	0
ΠΑΝΤΕΙΟ ΠΑΝ. ΚΟΙΝΩΝΙΚΩΝ ΚΑΙ ΠΟΛΙΤΙΚΩΝ ΕΠΙΣΤΗΜΩΝ	ΚΟΙΝΩΝΙΟΛΟΓΙΑΣ	1	10	0	1	7	0	1	8	0
